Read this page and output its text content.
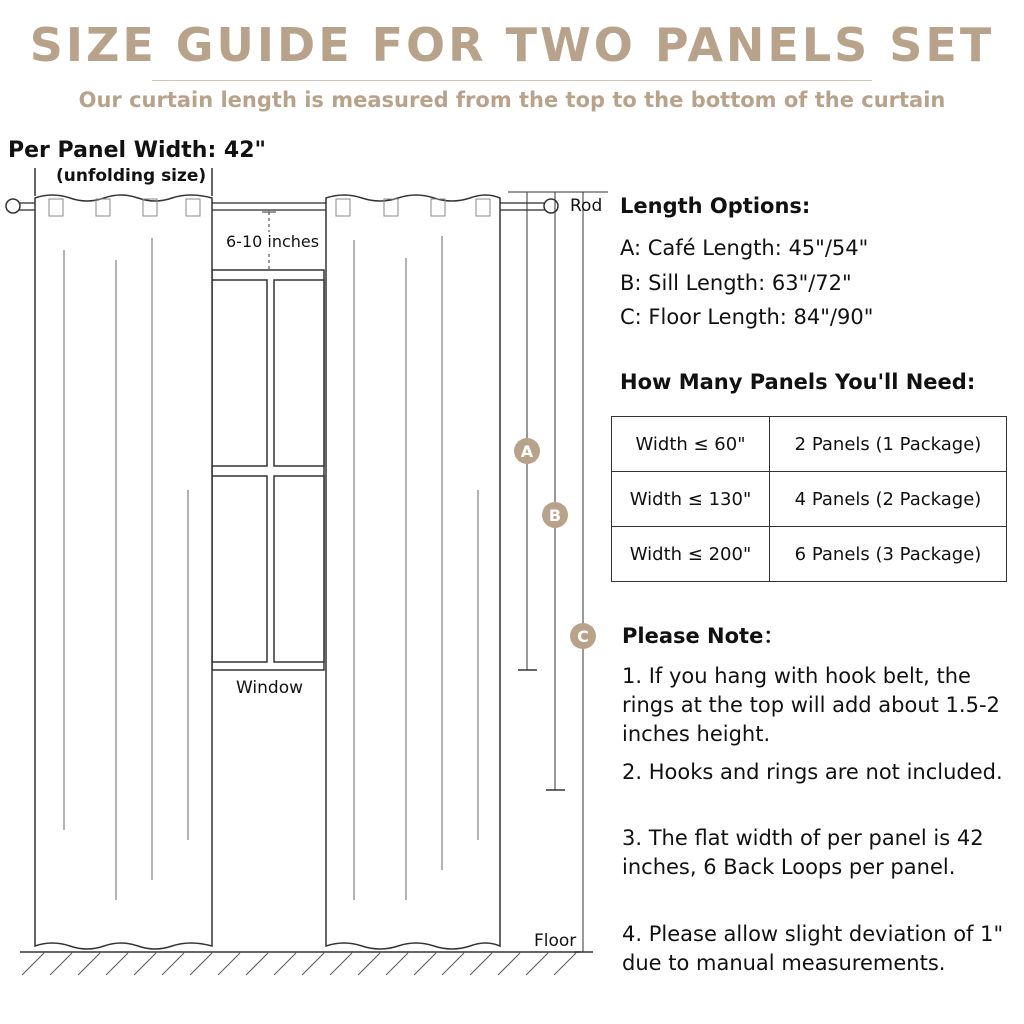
SIZE GUIDE FOR TWO PANELS SET
Our curtain length is measured from the top to the bottom of the curtain
A
B
C
Per Panel Width: 42"
(unfolding size)
Rod
6-10 inches
Window
Floor
Length Options:
A: Café Length: 45"/54"
B: Sill Length: 63"/72"
C: Floor Length: 84"/90"
How Many Panels You'll Need:
Width ≤ 60"	2 Panels (1 Package)
Width ≤ 130"	4 Panels (2 Package)
Width ≤ 200"	6 Panels (3 Package)
Please Note：
1. If you hang with hook belt, the rings at the top will add about 1.5-2 inches height.
2. Hooks and rings are not included.
3. The flat width of per panel is 42 inches, 6 Back Loops per panel.
4. Please allow slight deviation of 1" due to manual measurements.
